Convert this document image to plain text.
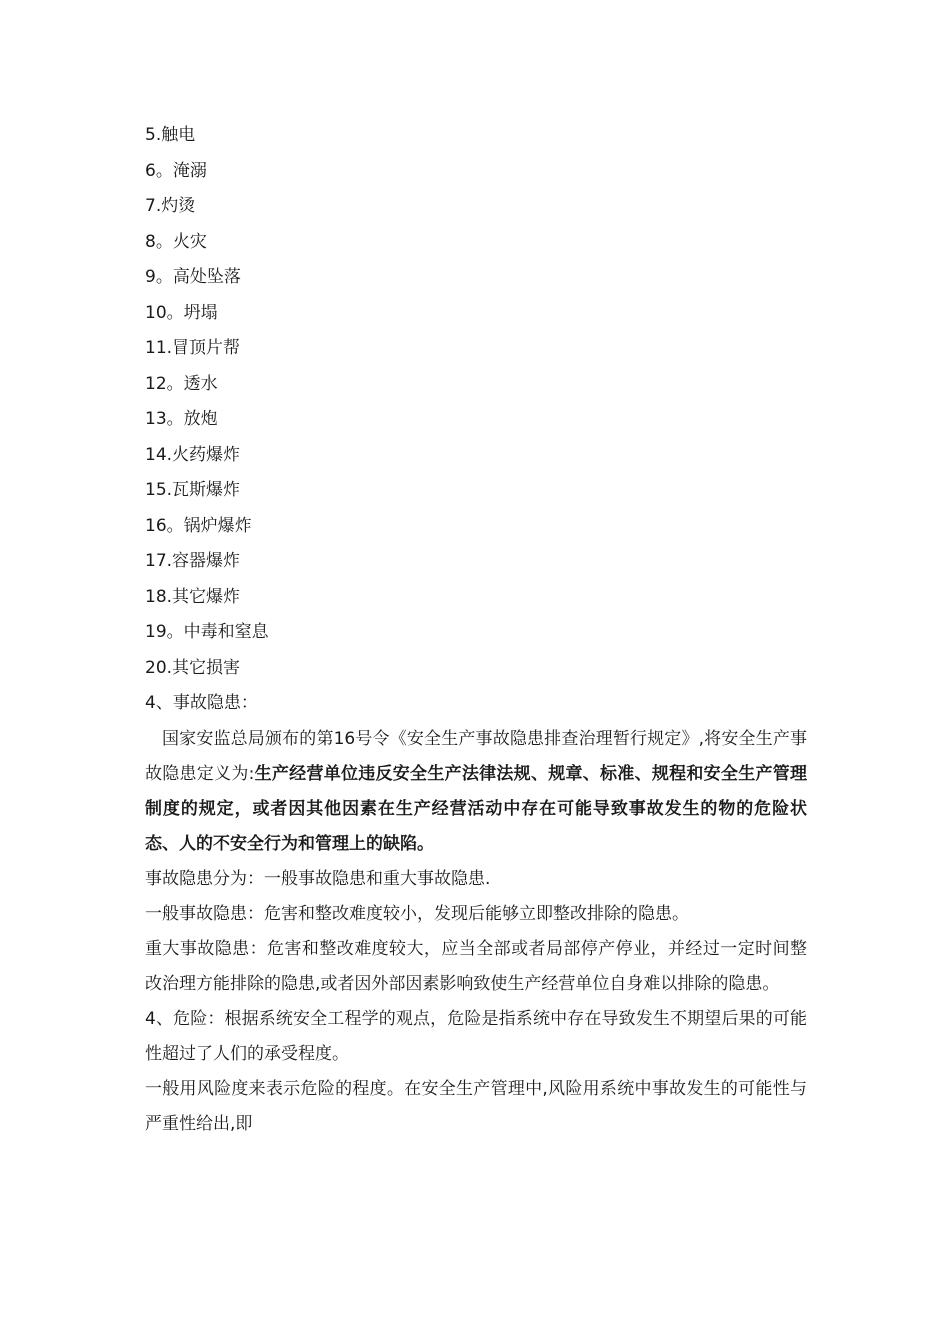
5.触电
6。淹溺
7.灼烫
8。火灾
9。高处坠落
10。坍塌
11.冒顶片帮
12。透水
13。放炮
14.火药爆炸
15.瓦斯爆炸
16。锅炉爆炸
17.容器爆炸
18.其它爆炸
19。中毒和窒息
20.其它损害
4、事故隐患：

国家安监总局颁布的第16号令《安全生产事故隐患排查治理暂行规定》,将安全生产事故隐患定义为:生产经营单位违反安全生产法律法规、规章、标准、规程和安全生产管理制度的规定，或者因其他因素在生产经营活动中存在可能导致事故发生的物的危险状态、人的不安全行为和管理上的缺陷。

事故隐患分为：一般事故隐患和重大事故隐患.

一般事故隐患：危害和整改难度较小，发现后能够立即整改排除的隐患。

重大事故隐患：危害和整改难度较大，应当全部或者局部停产停业，并经过一定时间整改治理方能排除的隐患,或者因外部因素影响致使生产经营单位自身难以排除的隐患。

4、危险：根据系统安全工程学的观点，危险是指系统中存在导致发生不期望后果的可能性超过了人们的承受程度。

一般用风险度来表示危险的程度。在安全生产管理中,风险用系统中事故发生的可能性与严重性给出,即
